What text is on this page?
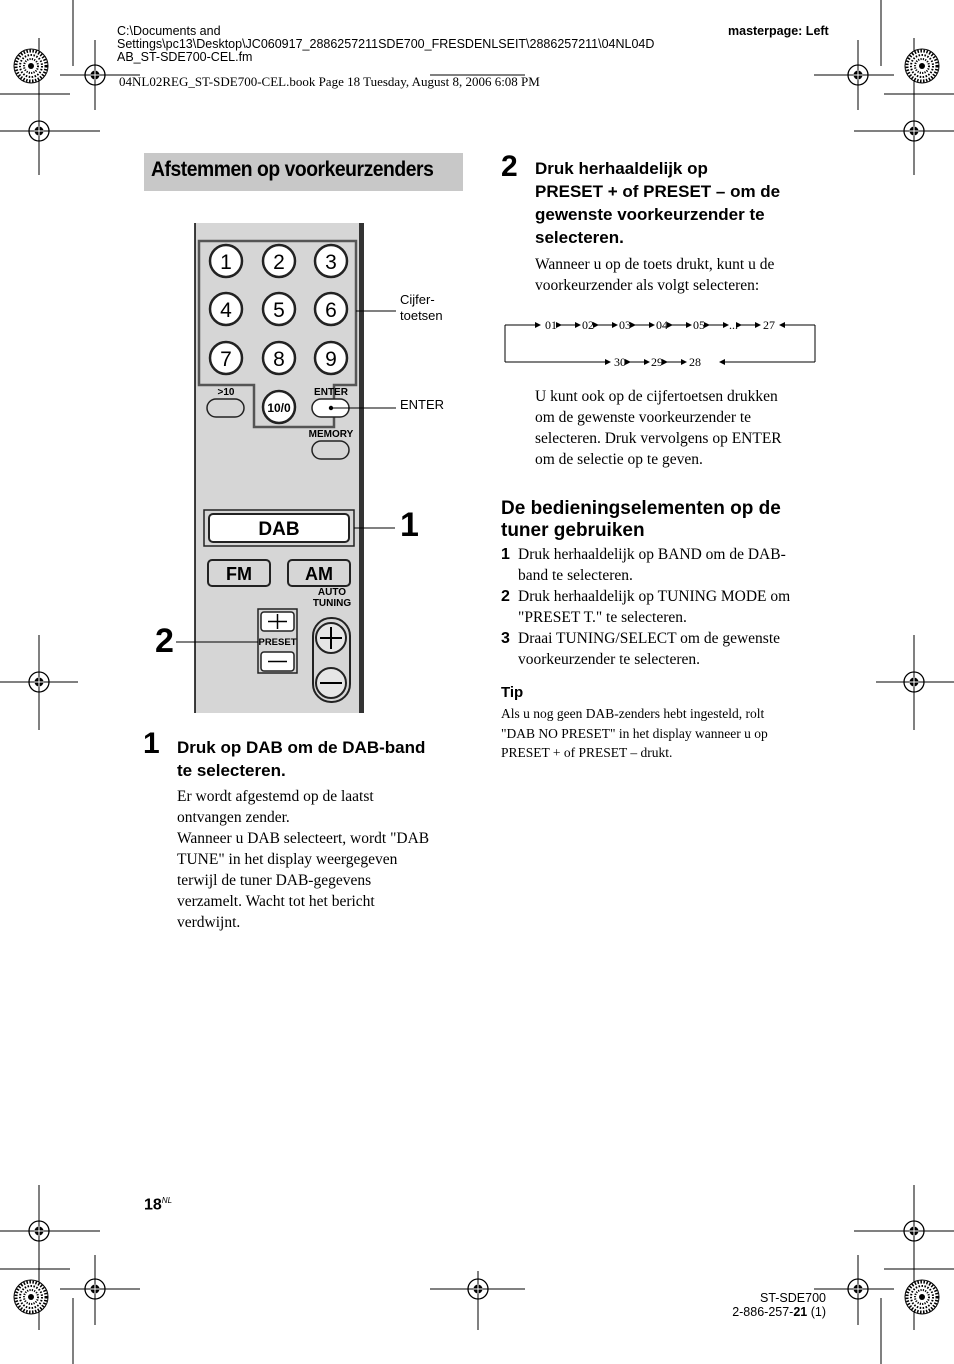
C:\Documents and
Settings\pc13\Desktop\JC060917_2886257211SDE700_FRESDENLSEIT\2886257211\04NL04D
AB_ST-SDE700-CEL.fm
masterpage: Left
04NL02REG_ST-SDE700-CEL.book Page 18 Tuesday, August 8, 2006 6:08 PM
Afstemmen op voorkeurzenders
1 2 3
4 5 6
7 8 9
>10
10/0
ENTER
MEMORY
DAB
FM	AM
AUTO
TUNING
PRESET
Cijfer-
toetsen
ENTER
1
2
1 Druk op DAB om de DAB-band
te selecteren.
Er wordt afgestemd op de laatst
ontvangen zender.
Wanneer u DAB selecteert, wordt "DAB
TUNE" in het display weergegeven
terwijl de tuner DAB-gegevens
verzamelt. Wacht tot het bericht
verdwijnt.
2 Druk herhaaldelijk op
PRESET + of PRESET – om de
gewenste voorkeurzender te
selecteren.
Wanneer u op de toets drukt, kunt u de
voorkeurzender als volgt selecteren:
01 02 03 04 05 ... 27
30 29 28
U kunt ook op de cijfertoetsen drukken
om de gewenste voorkeurzender te
selecteren. Druk vervolgens op ENTER
om de selectie op te geven.
De bedieningselementen op de
tuner gebruiken
1 Druk herhaaldelijk op BAND om de DAB-
band te selecteren.
2 Druk herhaaldelijk op TUNING MODE om
"PRESET T." te selecteren.
3 Draai TUNING/SELECT om de gewenste
voorkeurzender te selecteren.
Tip
Als u nog geen DAB-zenders hebt ingesteld, rolt
"DAB NO PRESET" in het display wanneer u op
PRESET + of PRESET – drukt.
$18^{NL}$
ST-SDE700
2-886-257-21 (1)
